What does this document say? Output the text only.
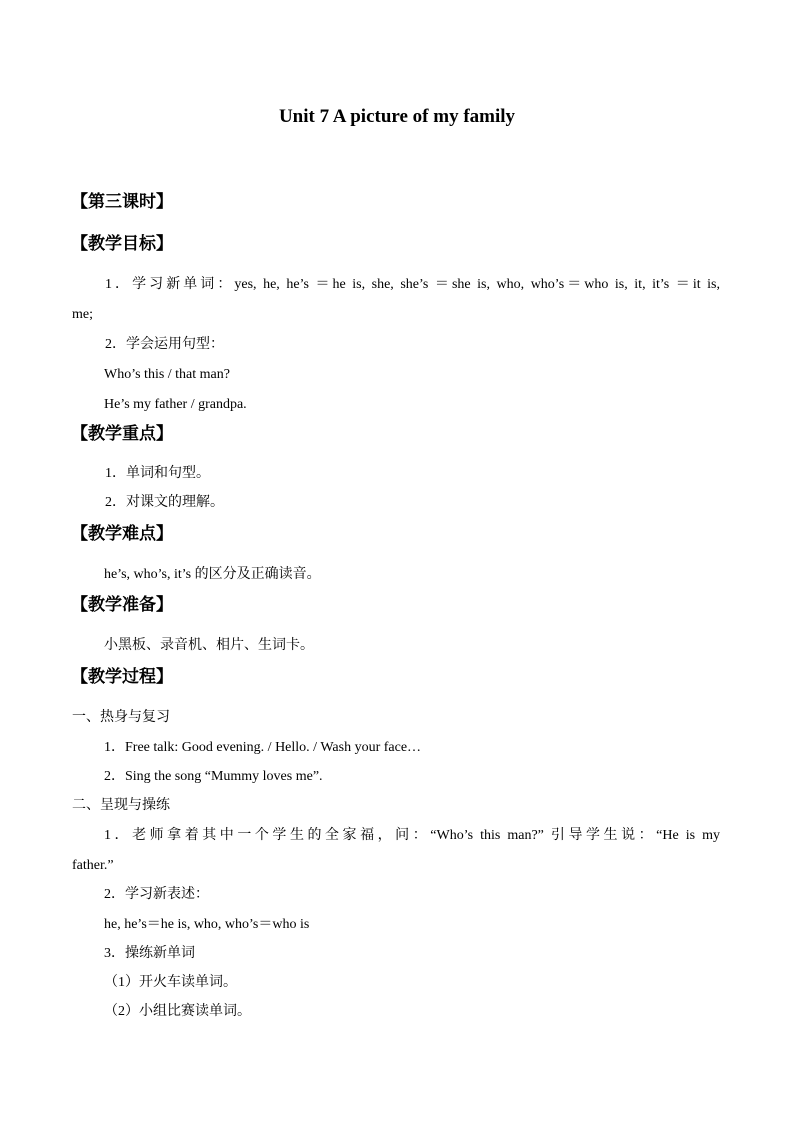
Unit 7 A picture of my family
【第三课时】
【教学目标】
1．学习新单词：yes, he, he’s ＝he is, she, she’s ＝she is, who, who’s＝who is, it, it’s ＝it is,
me;
2．学会运用句型：
Who’s this / that man?
He’s my father / grandpa.
【教学重点】
1．单词和句型。
2．对课文的理解。
【教学难点】
he’s, who’s, it’s 的区分及正确读音。
【教学准备】
小黑板、录音机、相片、生词卡。
【教学过程】
一、热身与复习
1．Free talk: Good evening. / Hello. / Wash your face…
2．Sing the song “Mummy loves me”.
二、呈现与操练
1．老师拿着其中一个学生的全家福，问：“Who’s this man?” 引导学生说：“He is my
father.”
2．学习新表述：
he, he’s＝he is, who, who’s＝who is
3．操练新单词
（1）开火车读单词。
（2）小组比赛读单词。
